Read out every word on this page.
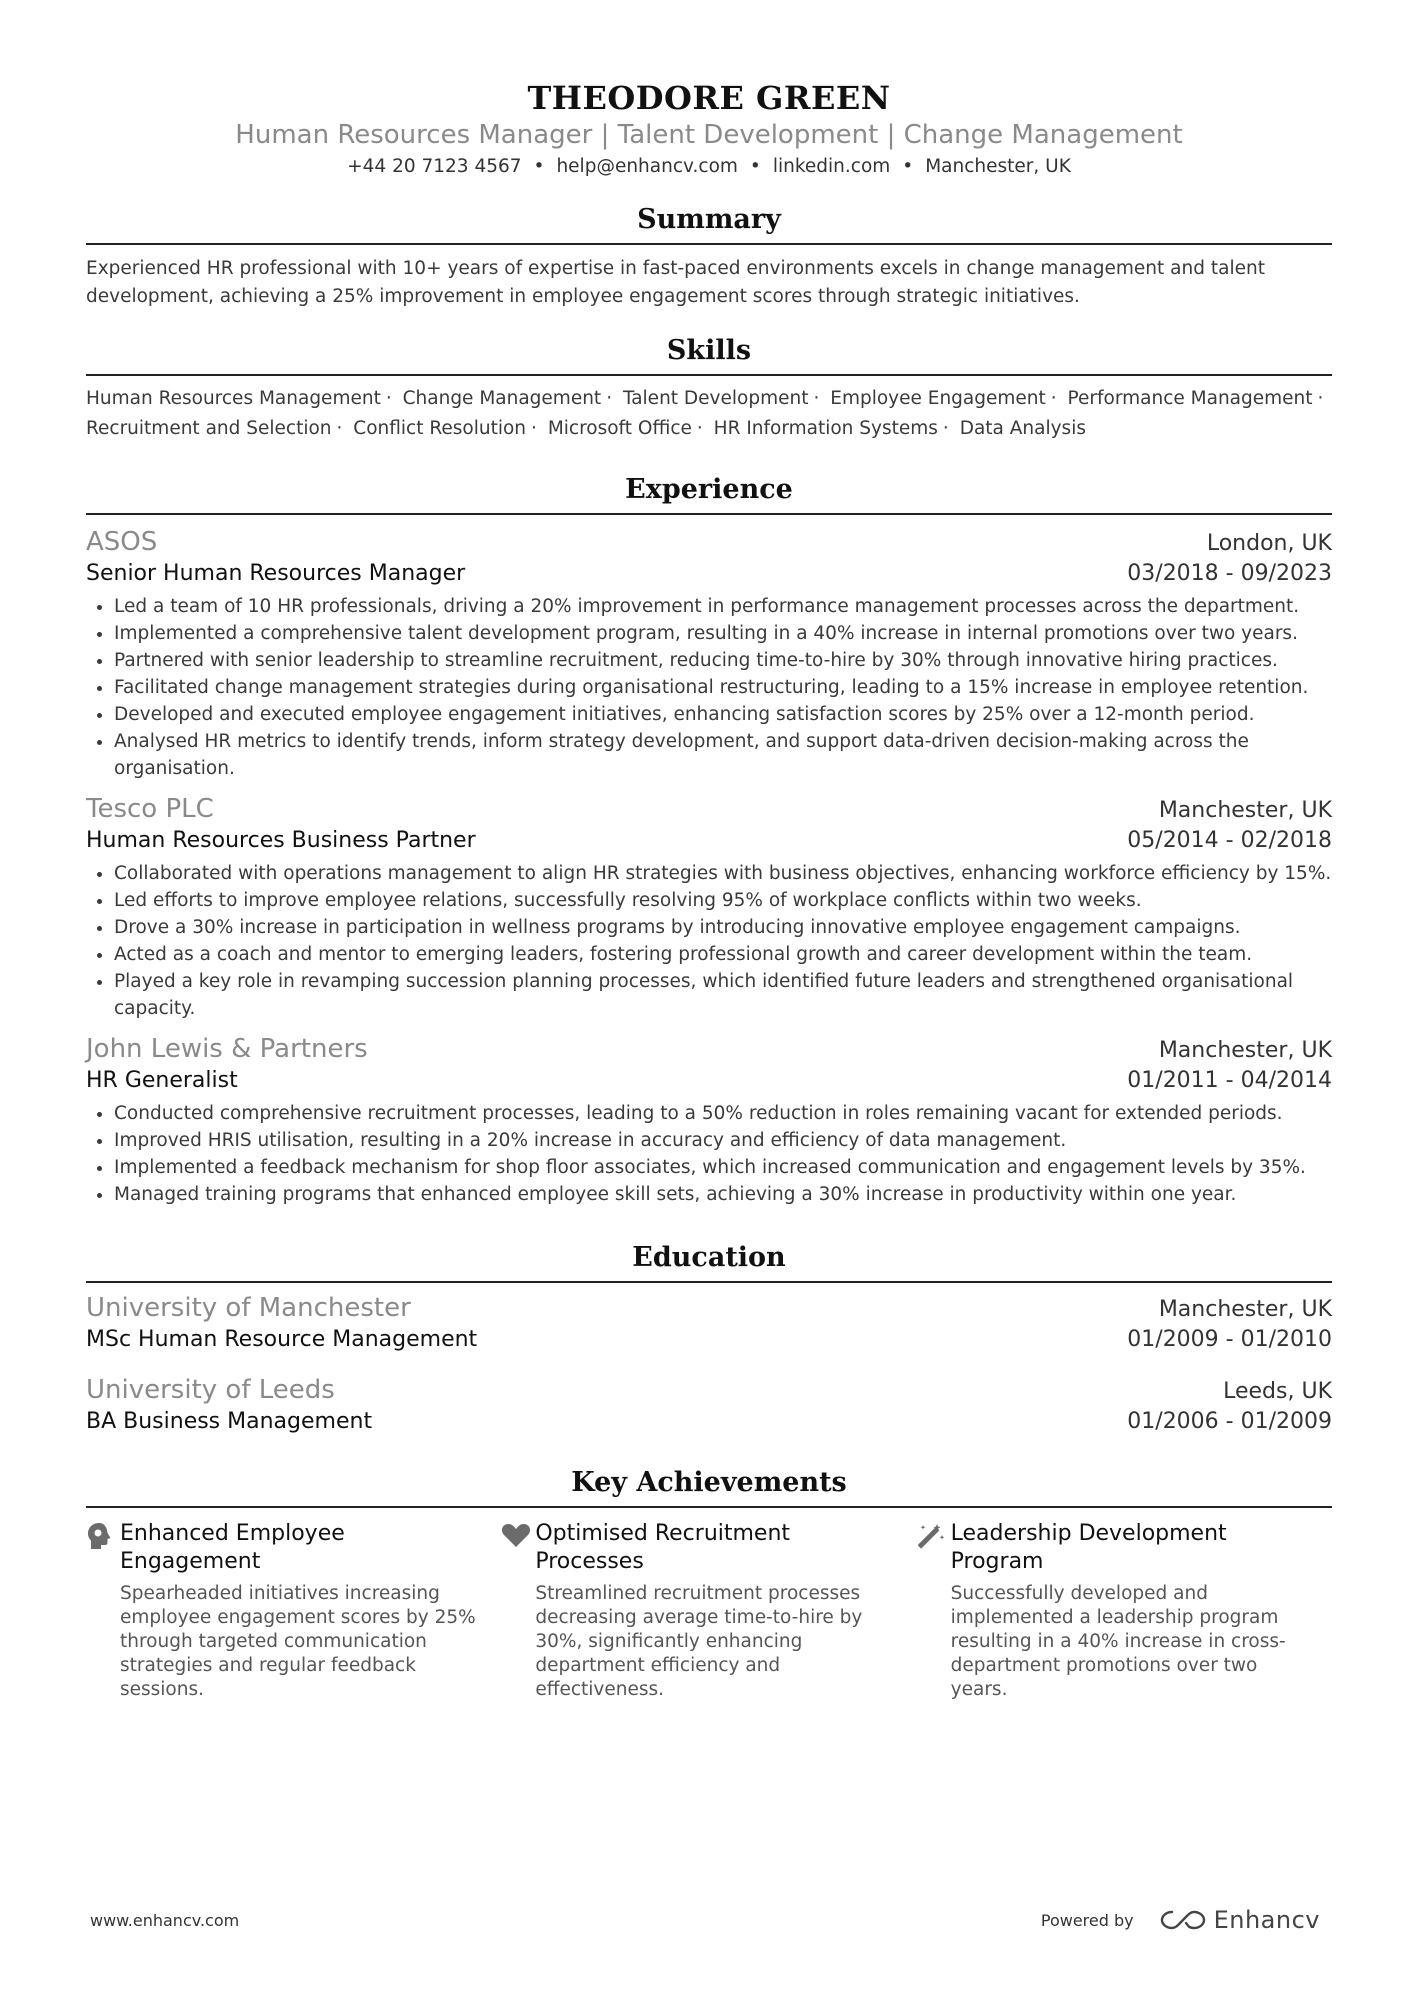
THEODORE GREEN
Human Resources Manager | Talent Development | Change Management
+44 20 7123 4567 • help@enhancv.com • linkedin.com • Manchester, UK
Summary
Experienced HR professional with 10+ years of expertise in fast-paced environments excels in change management and talent development, achieving a 25% improvement in employee engagement scores through strategic initiatives.
Skills
Human Resources Management · Change Management · Talent Development · Employee Engagement · Performance Management · Recruitment and Selection · Conflict Resolution · Microsoft Office · HR Information Systems · Data Analysis
Experience
ASOS	London, UK
Senior Human Resources Manager	03/2018 - 09/2023
• Led a team of 10 HR professionals, driving a 20% improvement in performance management processes across the department.
• Implemented a comprehensive talent development program, resulting in a 40% increase in internal promotions over two years.
• Partnered with senior leadership to streamline recruitment, reducing time-to-hire by 30% through innovative hiring practices.
• Facilitated change management strategies during organisational restructuring, leading to a 15% increase in employee retention.
• Developed and executed employee engagement initiatives, enhancing satisfaction scores by 25% over a 12-month period.
• Analysed HR metrics to identify trends, inform strategy development, and support data-driven decision-making across the organisation.
Tesco PLC	Manchester, UK
Human Resources Business Partner	05/2014 - 02/2018
• Collaborated with operations management to align HR strategies with business objectives, enhancing workforce efficiency by 15%.
• Led efforts to improve employee relations, successfully resolving 95% of workplace conflicts within two weeks.
• Drove a 30% increase in participation in wellness programs by introducing innovative employee engagement campaigns.
• Acted as a coach and mentor to emerging leaders, fostering professional growth and career development within the team.
• Played a key role in revamping succession planning processes, which identified future leaders and strengthened organisational capacity.
John Lewis & Partners	Manchester, UK
HR Generalist	01/2011 - 04/2014
• Conducted comprehensive recruitment processes, leading to a 50% reduction in roles remaining vacant for extended periods.
• Improved HRIS utilisation, resulting in a 20% increase in accuracy and efficiency of data management.
• Implemented a feedback mechanism for shop floor associates, which increased communication and engagement levels by 35%.
• Managed training programs that enhanced employee skill sets, achieving a 30% increase in productivity within one year.
Education
University of Manchester	Manchester, UK
MSc Human Resource Management	01/2009 - 01/2010
University of Leeds	Leeds, UK
BA Business Management	01/2006 - 01/2009
Key Achievements
Enhanced Employee Engagement
Spearheaded initiatives increasing employee engagement scores by 25% through targeted communication strategies and regular feedback sessions.
Optimised Recruitment Processes
Streamlined recruitment processes decreasing average time-to-hire by 30%, significantly enhancing department efficiency and effectiveness.
Leadership Development Program
Successfully developed and implemented a leadership program resulting in a 40% increase in cross-department promotions over two years.
www.enhancv.com	Powered by	Enhancv
